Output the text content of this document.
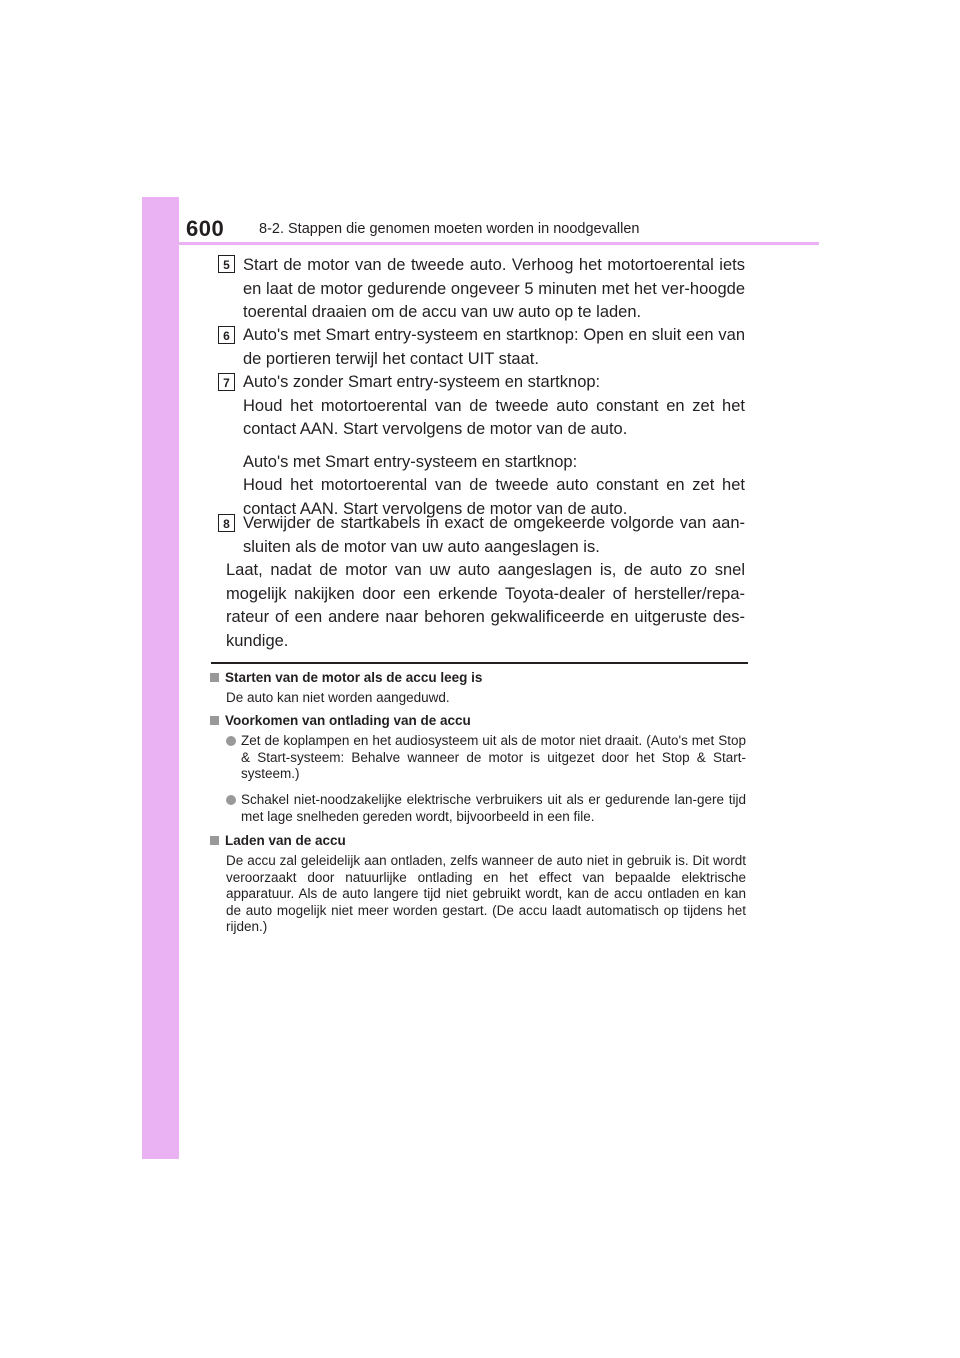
600 8-2. Stappen die genomen moeten worden in noodgevallen
5 Start de motor van de tweede auto. Verhoog het motortoerental iets en laat de motor gedurende ongeveer 5 minuten met het ver-hoogde toerental draaien om de accu van uw auto op te laden.

6 Auto's met Smart entry-systeem en startknop: Open en sluit een van de portieren terwijl het contact UIT staat.

7 Auto's zonder Smart entry-systeem en startknop:

Houd het motortoerental van de tweede auto constant en zet het contact AAN. Start vervolgens de motor van de auto.

Auto's met Smart entry-systeem en startknop:

Houd het motortoerental van de tweede auto constant en zet het contact AAN. Start vervolgens de motor van de auto.

8 Verwijder de startkabels in exact de omgekeerde volgorde van aan-sluiten als de motor van uw auto aangeslagen is.

Laat, nadat de motor van uw auto aangeslagen is, de auto zo snel mogelijk nakijken door een erkende Toyota-dealer of hersteller/repa-rateur of een andere naar behoren gekwalificeerde en uitgeruste des-kundige.

Starten van de motor als de accu leeg is
De auto kan niet worden aangeduwd.
Voorkomen van ontlading van de accu
Zet de koplampen en het audiosysteem uit als de motor niet draait. (Auto's met Stop & Start-systeem: Behalve wanneer de motor is uitgezet door het Stop & Start-systeem.)
Schakel niet-noodzakelijke elektrische verbruikers uit als er gedurende lan-gere tijd met lage snelheden gereden wordt, bijvoorbeeld in een file.
Laden van de accu
De accu zal geleidelijk aan ontladen, zelfs wanneer de auto niet in gebruik is. Dit wordt veroorzaakt door natuurlijke ontlading en het effect van bepaalde elektrische apparatuur. Als de auto langere tijd niet gebruikt wordt, kan de accu ontladen en kan de auto mogelijk niet meer worden gestart. (De accu laadt automatisch op tijdens het rijden.)
